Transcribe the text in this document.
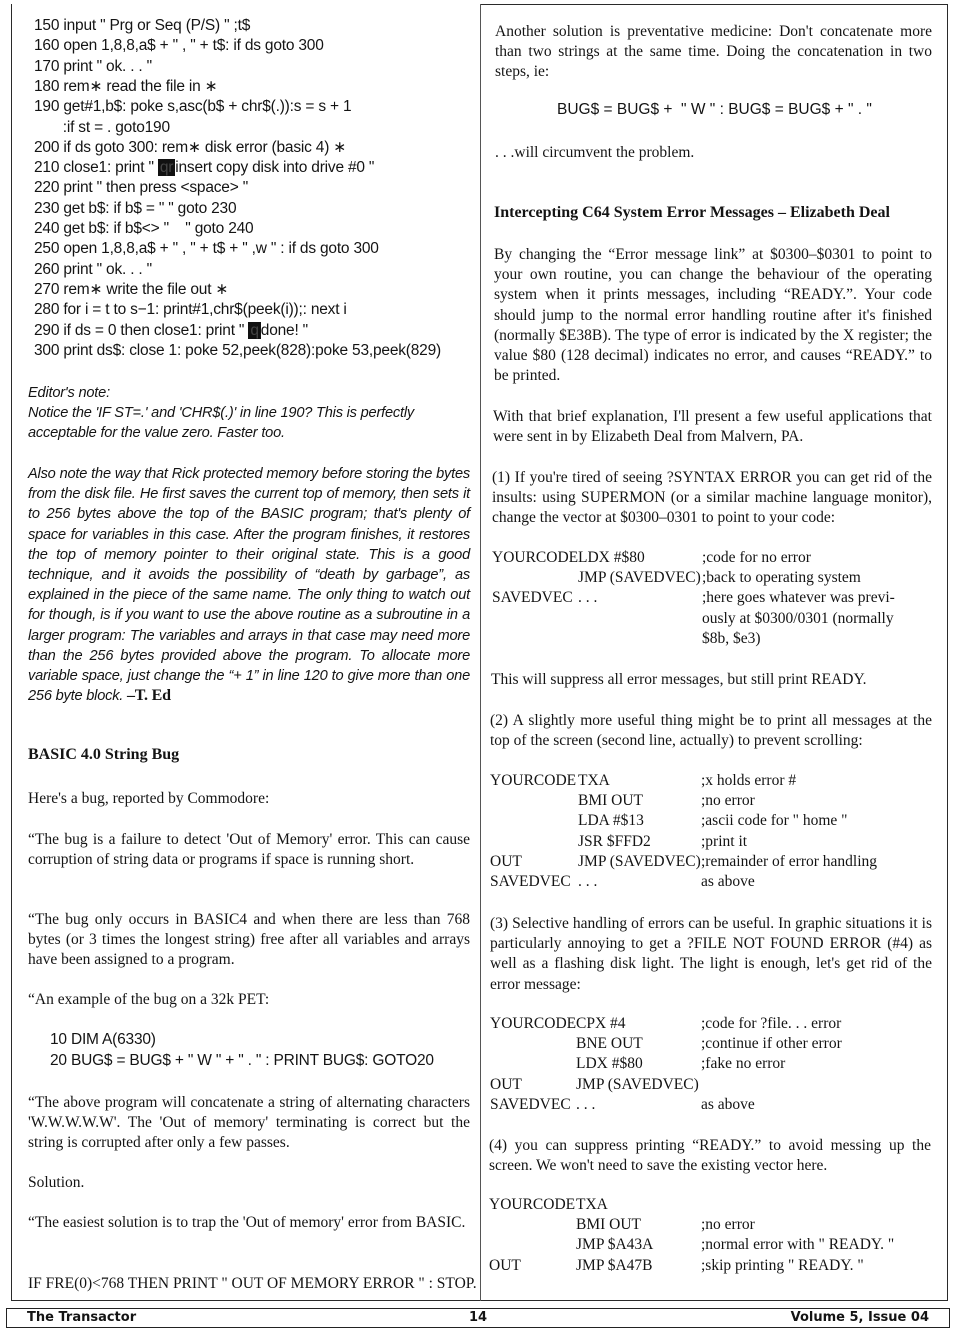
150 input " Prg or Seq (P/S) " ;t$
160 open 1,8,8,a$ + " , " + t$: if ds goto 300
170 print " ok. . . "
180 rem∗ read the file in ∗
190 get#1,b$: poke s,asc(b$ + chr$(.)):s = s + 1
:if st = . goto190
200 if ds goto 300: rem∗ disk error (basic 4) ∗
210 close1: print " qr insert copy disk into drive #0 "
220 print " then press <space> "
230 get b$: if b$ = " " goto 230
240 get b$: if b$<> "    " goto 240
250 open 1,8,8,a$ + " , " + t$ + " ,w " : if ds goto 300
260 print " ok. . . "
270 rem∗ write the file out ∗
280 for i = t to s−1: print#1,chr$(peek(i));: next i
290 if ds = 0 then close1: print " q done! "
300 print ds$: close 1: poke 52,peek(828):poke 53,peek(829)
Editor's note:
Notice the 'IF ST=.' and 'CHR$(.)' in line 190? This is perfectly
acceptable for the value zero. Faster too.
Also note the way that Rick protected memory before storing the bytes from the disk file. He first saves the current top of memory, then sets it to 256 bytes above the top of the BASIC program; that's plenty of space for variables in this case. After the program finishes, it restores the top of memory pointer to their original state. This is a good technique, and it avoids the possibility of “death by garbage”, as explained in the piece of the same name. The only thing to watch out for though, is if you want to use the above routine as a subroutine in a larger program: The variables and arrays in that case may need more than the 256 bytes provided above the program. To allocate more variable space, just change the “+ 1” in line 120 to give more than one 256 byte block. –T. Ed
BASIC 4.0 String Bug
Here's a bug, reported by Commodore:
“The bug is a failure to detect 'Out of Memory' error. This can cause corruption of string data or programs if space is running short.
“The bug only occurs in BASIC4 and when there are less than 768 bytes (or 3 times the longest string) free after all variables and arrays have been assigned to a program.
“An example of the bug on a 32k PET:
10 DIM A(6330)
20 BUG$ = BUG$ + " W " + " . " : PRINT BUG$: GOTO20
“The above program will concatenate a string of alternating characters 'W.W.W.W.W'. The 'Out of memory' terminating is correct but the string is corrupted after only a few passes.
Solution.
“The easiest solution is to trap the 'Out of memory' error from BASIC.
IF FRE(0)<768 THEN PRINT " OUT OF MEMORY ERROR " : STOP.
Another solution is preventative medicine: Don't concatenate more than two strings at the same time. Doing the concatenation in two steps, ie:
BUG$ = BUG$ +  " W " : BUG$ = BUG$ + " . "
. . .will circumvent the problem.
Intercepting C64 System Error Messages – Elizabeth Deal
By changing the “Error message link” at $0300–$0301 to point to your own routine, you can change the behaviour of the operating system when it prints messages, including “READY.”. Your code should jump to the normal error handling routine after it's finished (normally $E38B). The type of error is indicated by the X register; the value $80 (128 decimal) indicates no error, and causes “READY.” to be printed.
With that brief explanation, I'll present a few useful applications that were sent in by Elizabeth Deal from Malvern, PA.
(1) If you're tired of seeing ?SYNTAX ERROR you can get rid of the insults: using SUPERMON (or a similar machine language monitor), change the vector at $0300–0301 to point to your code:
YOURCODE LDX #$80	;code for no error
JMP (SAVEDVEC) ;back to operating system
SAVEDVEC . . .	;here goes whatever was previ-
ously at $0300/0301 (normally
$8b, $e3)
This will suppress all error messages, but still print READY.
(2) A slightly more useful thing might be to print all messages at the top of the screen (second line, actually) to prevent scrolling:
YOURCODE TXA	;x holds error #
BMI OUT	;no error
LDA #$13	;ascii code for " home "
JSR $FFD2	;print it
OUT	JMP (SAVEDVEC) ;remainder of error handling
SAVEDVEC . . .	as above
(3) Selective handling of errors can be useful. In graphic situations it is particularly annoying to get a ?FILE NOT FOUND ERROR (#4) as well as a flashing disk light. The light is enough, let's get rid of the error message:
YOURCODE CPX #4	;code for ?file. . . error
BNE OUT	;continue if other error
LDX #$80	;fake no error
OUT	JMP (SAVEDVEC)
SAVEDVEC . . .	as above
(4) you can suppress printing “READY.” to avoid messing up the screen. We won't need to save the existing vector here.
YOURCODE TXA
BMI OUT	;no error
JMP $A43A	;normal error with " READY. "
OUT	JMP $A47B	;skip printing " READY. "
The Transactor	14	Volume 5, Issue 04
